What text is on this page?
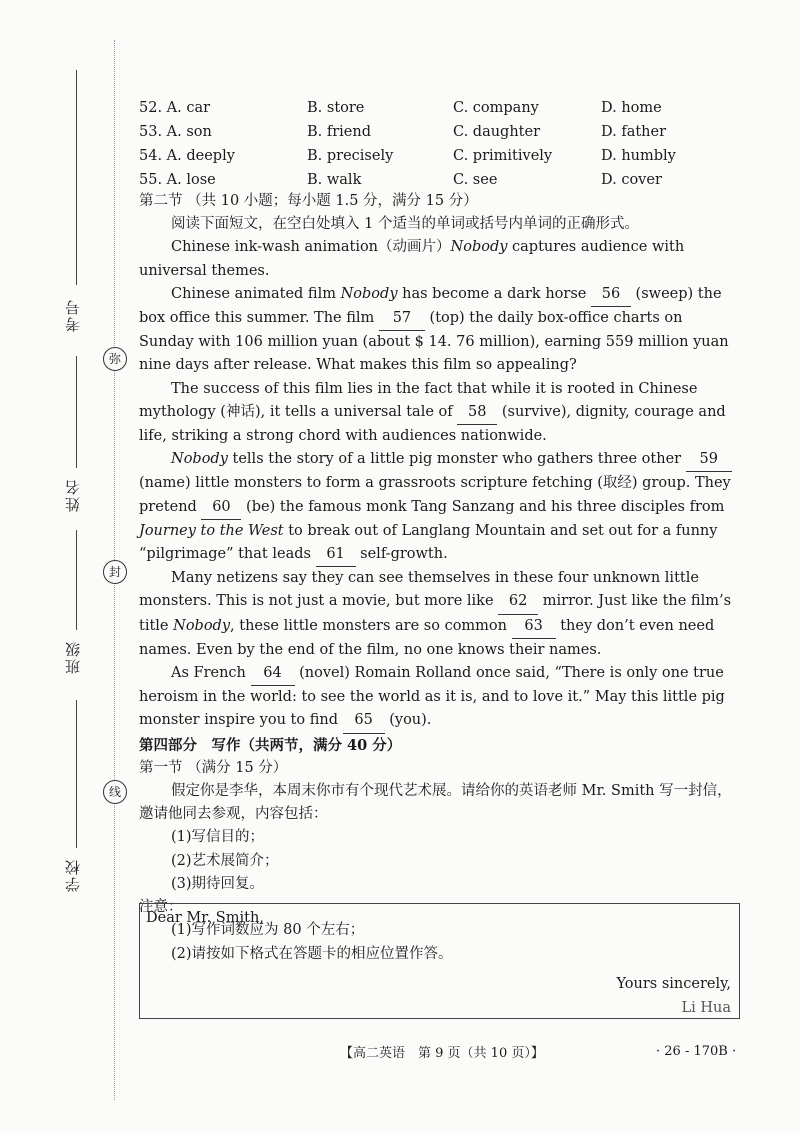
考号
姓名
班级
学校
弥
封
线
52. A. car	B. store	C. company	D. home
53. A. son	B. friend	C. daughter	D. father
54. A. deeply	B. precisely	C. primitively	D. humbly
55. A. lose	B. walk	C. see	D. cover

第二节 （共 10 小题；每小题 1.5 分，满分 15 分）

阅读下面短文，在空白处填入 1 个适当的单词或括号内单词的正确形式。

Chinese ink-wash animation（动画片）Nobody captures audience with universal themes.

Chinese animated film Nobody has become a dark horse 56 (sweep) the box office this summer. The film 57 (top) the daily box-office charts on Sunday with 106 million yuan (about $ 14. 76 million), earning 559 million yuan nine days after release. What makes this film so appealing?

The success of this film lies in the fact that while it is rooted in Chinese mythology (神话), it tells a universal tale of 58 (survive), dignity, courage and life, striking a strong chord with audiences nationwide.

Nobody tells the story of a little pig monster who gathers three other 59 (name) little monsters to form a grassroots scripture fetching (取经) group. They pretend 60 (be) the famous monk Tang Sanzang and his three disciples from Journey to the West to break out of Langlang Mountain and set out for a funny “pilgrimage” that leads 61 self-growth.

Many netizens say they can see themselves in these four unknown little monsters. This is not just a movie, but more like 62 mirror. Just like the film’s title Nobody, these little monsters are so common 63 they don’t even need names. Even by the end of the film, no one knows their names.

As French 64 (novel) Romain Rolland once said, “There is only one true heroism in the world: to see the world as it is, and to love it.” May this little pig monster inspire you to find 65 (you).

第四部分　写作（共两节，满分 40 分）

第一节 （满分 15 分）

假定你是李华，本周末你市有个现代艺术展。请给你的英语老师 Mr. Smith 写一封信，邀请他同去参观，内容包括：

(1)写信目的；

(2)艺术展简介；

(3)期待回复。

注意：

(1)写作词数应为 80 个左右；

(2)请按如下格式在答题卡的相应位置作答。

Dear Mr. Smith,
Yours sincerely,
Li Hua
【高二英语　第 9 页（共 10 页）】	· 26 - 170B ·
